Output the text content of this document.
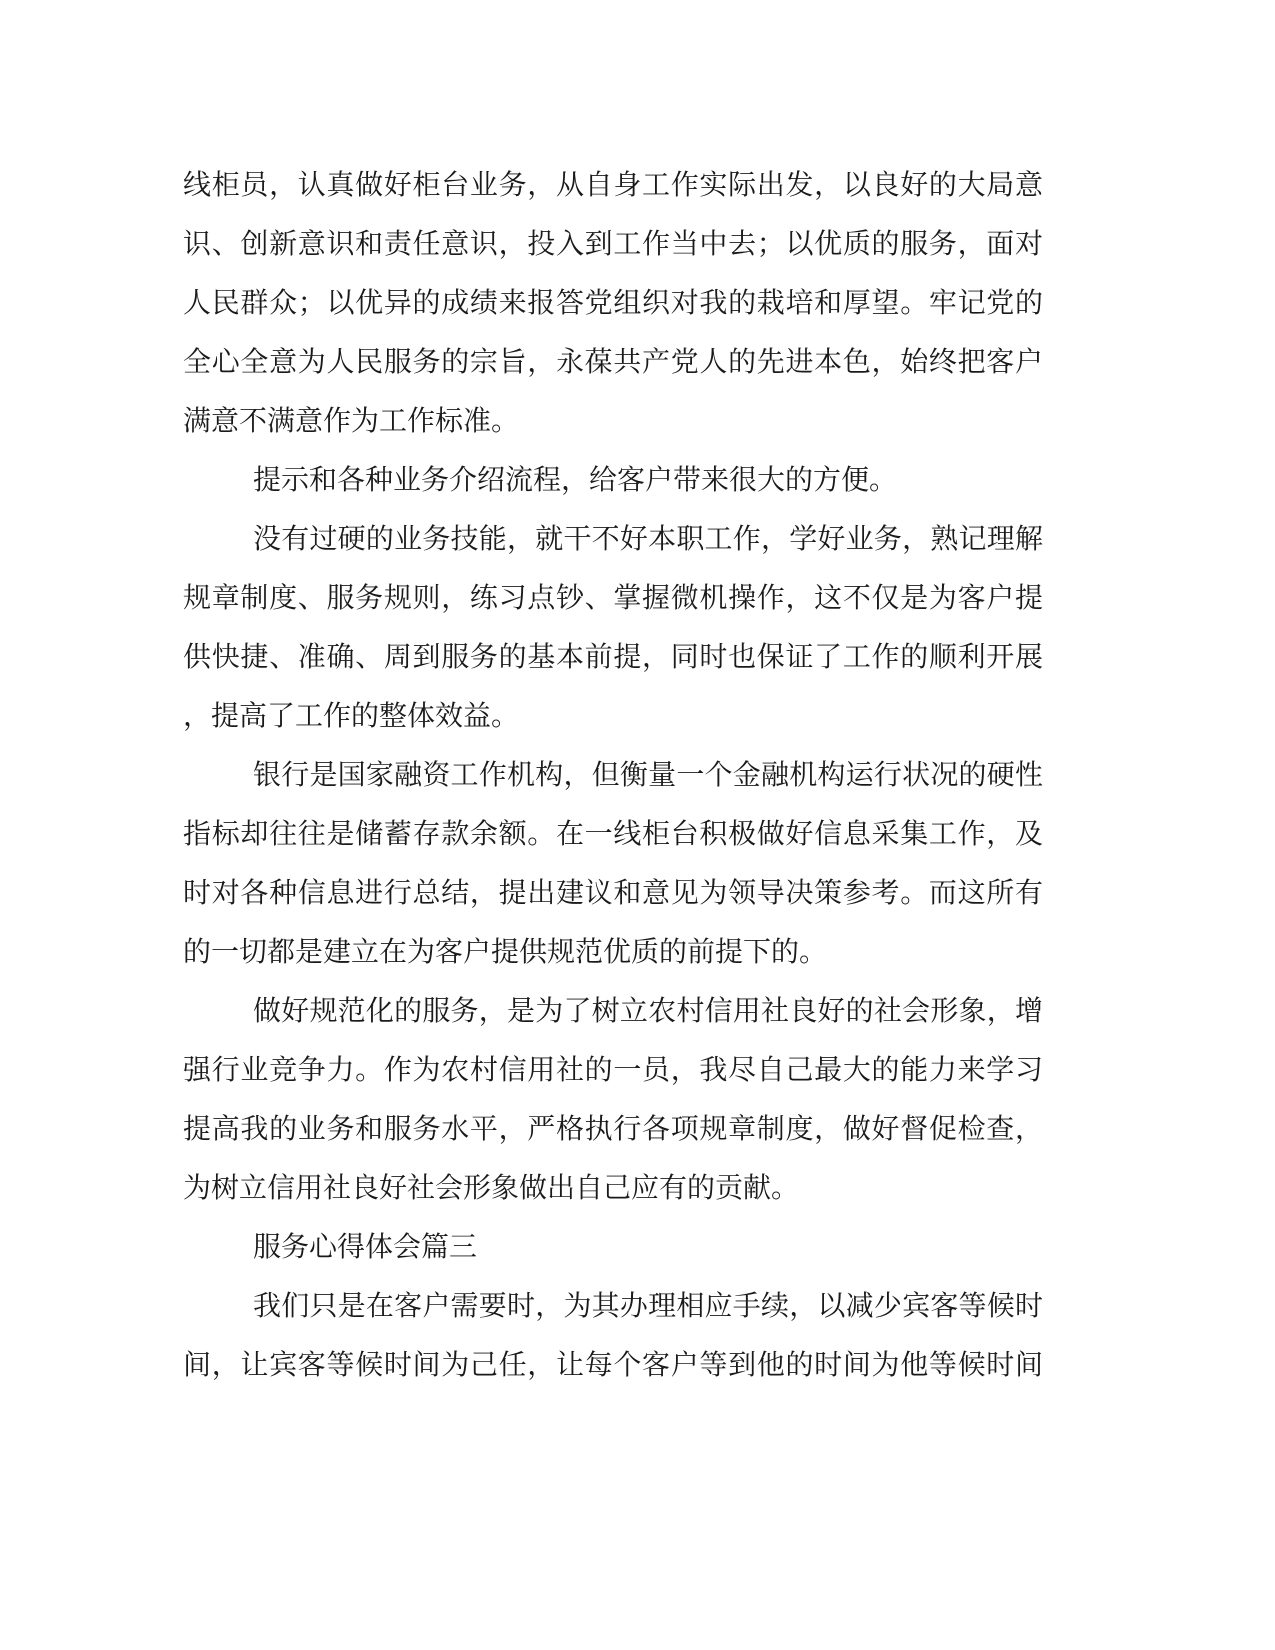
线柜员，认真做好柜台业务，从自身工作实际出发，以良好的大局意
识、创新意识和责任意识，投入到工作当中去；以优质的服务，面对
人民群众；以优异的成绩来报答党组织对我的栽培和厚望。牢记党的
全心全意为人民服务的宗旨，永葆共产党人的先进本色，始终把客户
满意不满意作为工作标准。
提示和各种业务介绍流程，给客户带来很大的方便。
没有过硬的业务技能，就干不好本职工作，学好业务，熟记理解
规章制度、服务规则，练习点钞、掌握微机操作，这不仅是为客户提
供快捷、准确、周到服务的基本前提，同时也保证了工作的顺利开展
，提高了工作的整体效益。
银行是国家融资工作机构，但衡量一个金融机构运行状况的硬性
指标却往往是储蓄存款余额。在一线柜台积极做好信息采集工作，及
时对各种信息进行总结，提出建议和意见为领导决策参考。而这所有
的一切都是建立在为客户提供规范优质的前提下的。
做好规范化的服务，是为了树立农村信用社良好的社会形象，增
强行业竞争力。作为农村信用社的一员，我尽自己最大的能力来学习
提高我的业务和服务水平，严格执行各项规章制度，做好督促检查，
为树立信用社良好社会形象做出自己应有的贡献。
服务心得体会篇三
我们只是在客户需要时，为其办理相应手续，以减少宾客等候时
间，让宾客等候时间为己任，让每个客户等到他的时间为他等候时间
